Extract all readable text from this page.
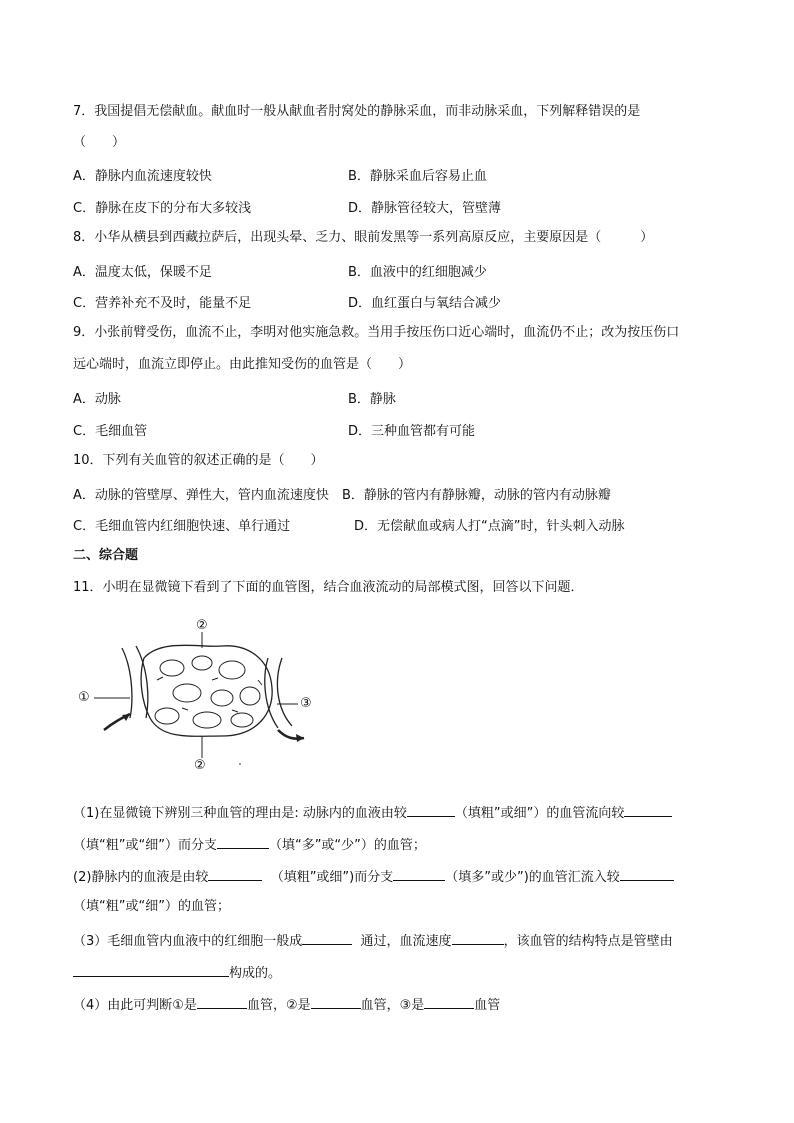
7．我国提倡无偿献血。献血时一般从献血者肘窝处的静脉采血，而非动脉采血，下列解释错误的是
（　　）
A．静脉内血流速度较快	B．静脉采血后容易止血
C．静脉在皮下的分布大多较浅	D．静脉管径较大，管壁薄
8．小华从横县到西藏拉萨后，出现头晕、乏力、眼前发黑等一系列高原反应，主要原因是（　　　）
A．温度太低，保暖不足	B．血液中的红细胞减少
C．营养补充不及时，能量不足	D．血红蛋白与氧结合减少
9．小张前臂受伤，血流不止，李明对他实施急救。当用手按压伤口近心端时，血流仍不止；改为按压伤口
远心端时，血流立即停止。由此推知受伤的血管是（　　）
A．动脉	B．静脉
C．毛细血管	D．三种血管都有可能
10．下列有关血管的叙述正确的是（　　）
A．动脉的管壁厚、弹性大，管内血流速度快 B．静脉的管内有静脉瓣，动脉的管内有动脉瓣
C．毛细血管内红细胞快速、单行通过	D．无偿献血或病人打“点滴”时，针头刺入动脉
二、综合题
11．小明在显微镜下看到了下面的血管图，结合血液流动的局部模式图，回答以下问题．
②
①	③
②
（1)在显微镜下辨别三种血管的理由是: 动脉内的血液由较	（填粗”或细”）的血管流向较
（填“粗”或“细”）而分支	（填“多”或“少”）的血管；
(2)静脉内的血液是由较	（填粗”或细”)而分支	（填多”或少”)的血管汇流入较
（填“粗”或“细”）的血管；
（3）毛细血管内血液中的红细胞一般成	通过，血流速度	，该血管的结构特点是管壁由
构成的。
（4）由此可判断①是	血管，②是	血管，③是	血管
